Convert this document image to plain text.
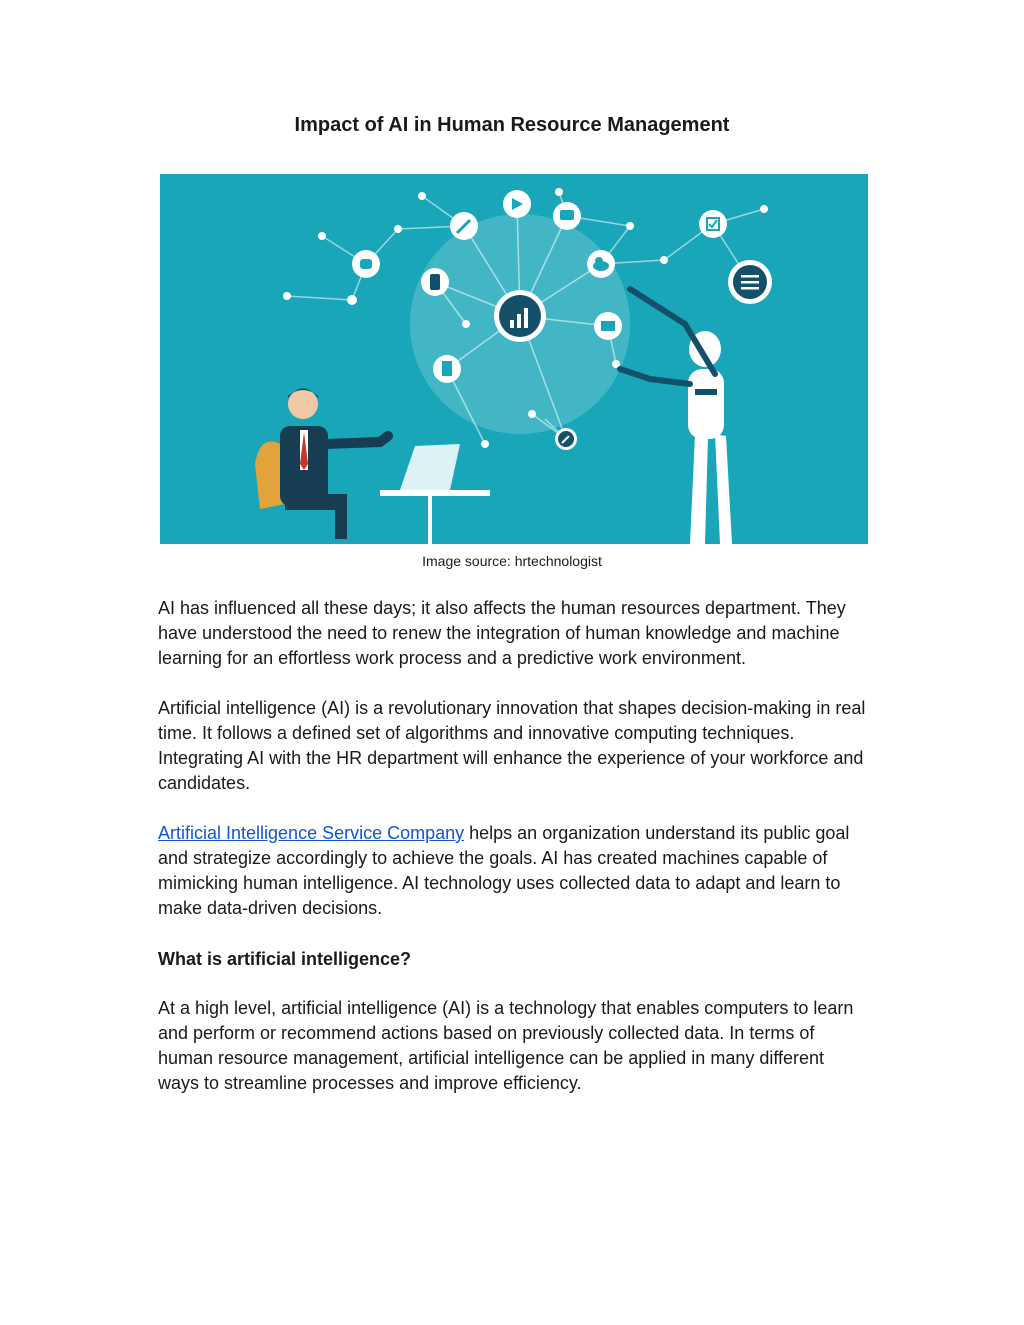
Impact of AI in Human Resource Management
Image source: hrtechnologist

AI has influenced all these days; it also affects the human resources department. They have understood the need to renew the integration of human knowledge and machine learning for an effortless work process and a predictive work environment.

Artificial intelligence (AI) is a revolutionary innovation that shapes decision-making in real time. It follows a defined set of algorithms and innovative computing techniques. Integrating AI with the HR department will enhance the experience of your workforce and candidates.

Artificial Intelligence Service Company helps an organization understand its public goal and strategize accordingly to achieve the goals. AI has created machines capable of mimicking human intelligence. AI technology uses collected data to adapt and learn to make data-driven decisions.

What is artificial intelligence?

At a high level, artificial intelligence (AI) is a technology that enables computers to learn and perform or recommend actions based on previously collected data. In terms of human resource management, artificial intelligence can be applied in many different ways to streamline processes and improve efficiency.
